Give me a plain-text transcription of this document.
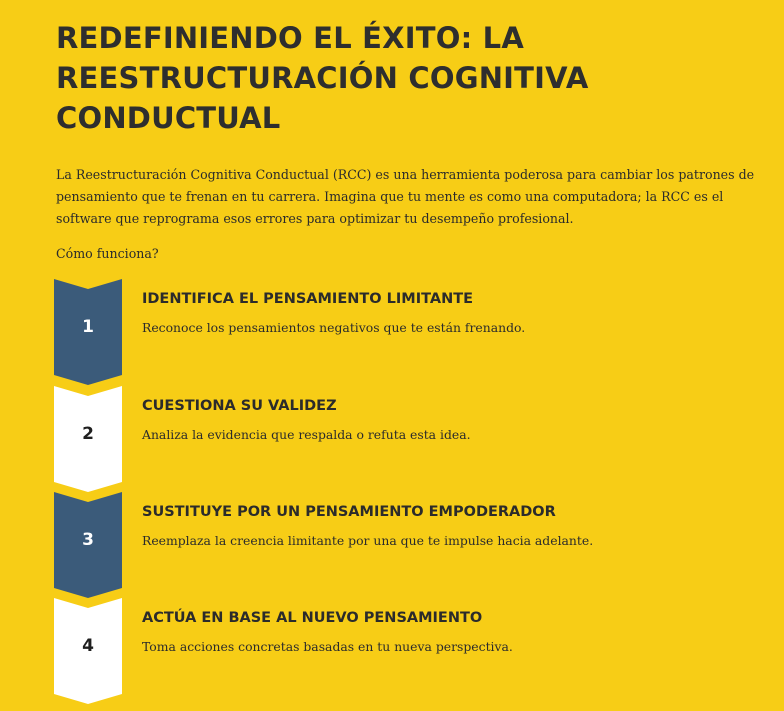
REDEFINIENDO EL ÉXITO: LA REESTRUCTURACIÓN COGNITIVA CONDUCTUAL

La Reestructuración Cognitiva Conductual (RCC) es una herramienta poderosa para cambiar los patrones de pensamiento que te frenan en tu carrera. Imagina que tu mente es como una computadora; la RCC es el software que reprograma esos errores para optimizar tu desempeño profesional.

Cómo funciona?

1
IDENTIFICA EL PENSAMIENTO LIMITANTE

Reconoce los pensamientos negativos que te están frenando.

2
CUESTIONA SU VALIDEZ

Analiza la evidencia que respalda o refuta esta idea.

3
SUSTITUYE POR UN PENSAMIENTO EMPODERADOR

Reemplaza la creencia limitante por una que te impulse hacia adelante.

4
ACTÚA EN BASE AL NUEVO PENSAMIENTO

Toma acciones concretas basadas en tu nueva perspectiva.
